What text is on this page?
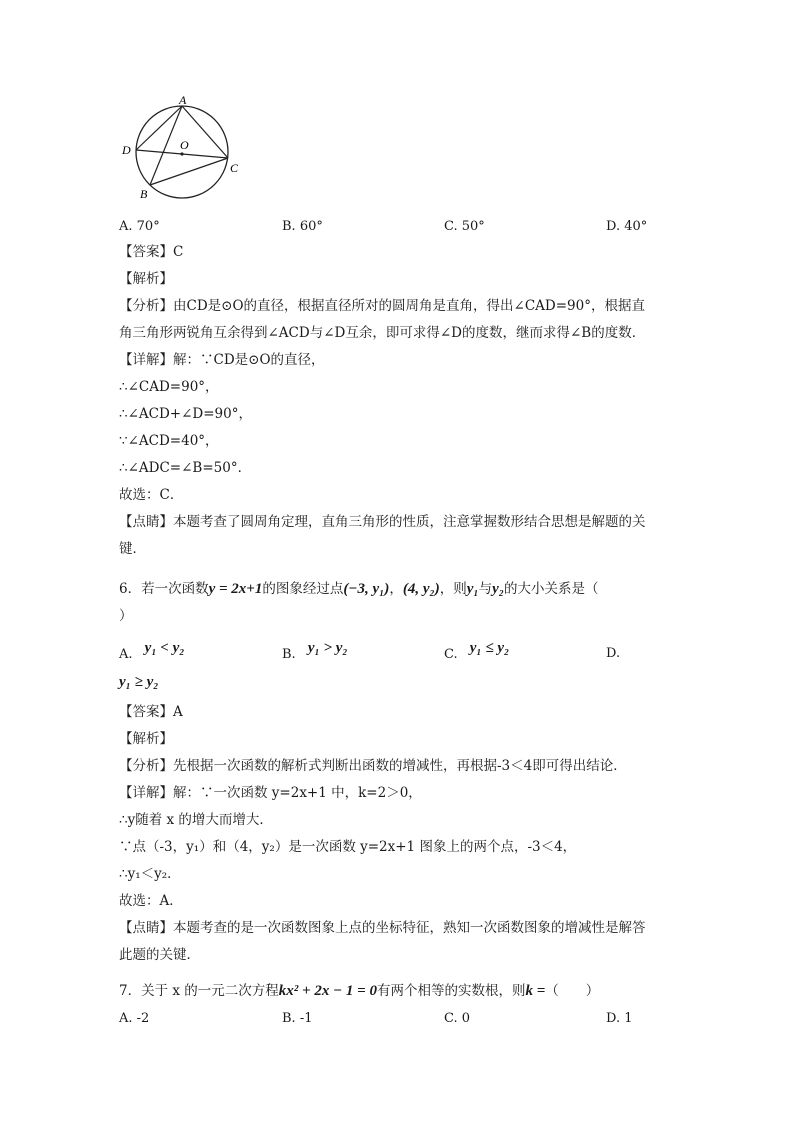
A
O
D
C
B
A. 70°	B. 60°	C. 50°	D. 40°
【答案】C
【解析】
【分析】由CD是⊙O的直径，根据直径所对的圆周角是直角，得出∠CAD=90°，根据直
角三角形两锐角互余得到∠ACD与∠D互余，即可求得∠D的度数，继而求得∠B的度数．
【详解】解：∵CD是⊙O的直径，
∴∠CAD=90°，
∴∠ACD+∠D=90°，
∵∠ACD=40°，
∴∠ADC=∠B=50°．
故选：C．
【点睛】本题考查了圆周角定理，直角三角形的性质，注意掌握数形结合思想是解题的关
键．
6．若一次函数y = 2x+1的图象经过点(−3, y₁)，(4, y₂)，则y₁与y₂的大小关系是（
）
A. y₁ < y₂	B. y₁ > y₂	C. y₁ ≤ y₂	D.
y₁ ≥ y₂
【答案】A
【解析】
【分析】先根据一次函数的解析式判断出函数的增减性，再根据-3＜4即可得出结论．
【详解】解：∵一次函数 y=2x+1 中，k=2＞0，
∴y随着 x 的增大而增大．
∵点（-3，y₁）和（4，y₂）是一次函数 y=2x+1 图象上的两个点，-3＜4，
∴y₁＜y₂．
故选：A．
【点睛】本题考查的是一次函数图象上点的坐标特征，熟知一次函数图象的增减性是解答
此题的关键．
7．关于 x 的一元二次方程kx² + 2x − 1 = 0有两个相等的实数根，则k =（　　）
A. -2	B. -1	C. 0	D. 1
